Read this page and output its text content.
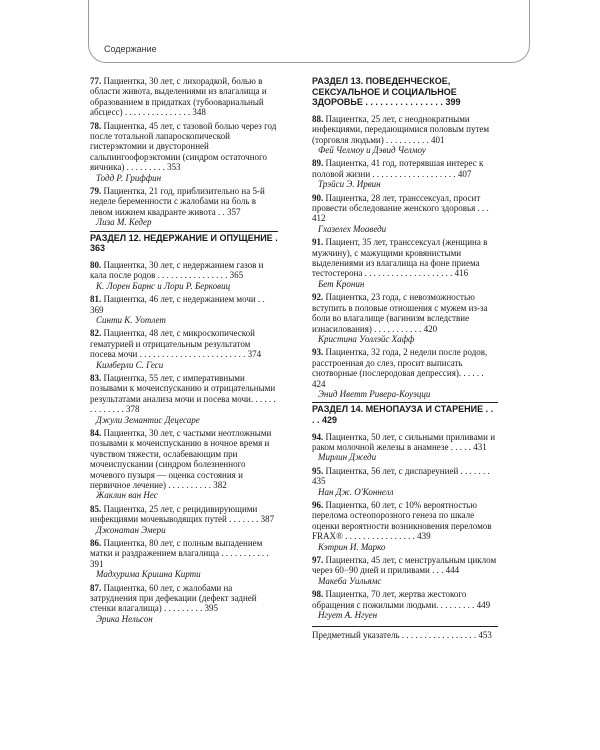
Содержание
77. Пациентка, 30 лет, с лихорадкой, болью в области живота, выделениями из влагалища и образованием в придатках (тубоовариальный абсцесс) . . . . . . . . . . . . . . . 348
78. Пациентка, 45 лет, с тазовой болью через год после тотальной лапароскопической гистерэктомии и двусторонней сальпингоофорэктомии (синдром остаточного яичника) . . . . . . . . . 353
Тодд Р. Гриффин
79. Пациентка, 21 год, приблизительно на 5-й неделе беременности с жалобами на боль в левом нижнем квадранте живота . . 357
Лиза М. Кедер
РАЗДЕЛ 12. НЕДЕРЖАНИЕ И ОПУЩЕНИЕ . 363
80. Пациентка, 30 лет, с недержанием газов и кала после родов . . . . . . . . . . . . . . . . 365
К. Лорен Барнс и Лори Р. Берковиц
81. Пациентка, 46 лет, с недержанием мочи . . 369
Синти К. Уотлет
82. Пациентка, 48 лет, с микроскопической гематурией и отрицательным результатом посева мочи . . . . . . . . . . . . . . . . . . . . . . . . 374
Кимберли С. Геси
83. Пациентка, 55 лет, с императивными позывами к мочеиспусканию и отрицательными результатами анализа мочи и посева мочи. . . . . . . . . . . . . . 378
Джули Земантис Децесаре
84. Пациентка, 30 лет, с частыми неотложными позывами к мочеиспусканию в ночное время и чувством тяжести, ослабевающим при мочеиспускании (синдром болезненного мочевого пузыря — оценка состояния и первичное лечение) . . . . . . . . . . 382
Жаклин ван Нес
85. Пациентка, 25 лет, с рецидивирующими инфекциями мочевыводящих путей . . . . . . . 387
Джонатан Эмери
86. Пациентка, 80 лет, с полным выпадением матки и раздражением влагалища . . . . . . . . . . . 391
Мадхурима Кришна Кирти
87. Пациентка, 60 лет, с жалобами на затруднения при дефекации (дефект задней стенки влагалища) . . . . . . . . . 395
Эрика Нельсон
РАЗДЕЛ 13. ПОВЕДЕНЧЕСКОЕ, СЕКСУАЛЬНОЕ И СОЦИАЛЬНОЕ ЗДОРОВЬЕ . . . . . . . . . . . . . . . . 399
88. Пациентка, 25 лет, с неоднократными инфекциями, передающимися половым путем (торговля людьми) . . . . . . . . . . 401
Фей Челмоу и Дэвид Челмоу
89. Пациентка, 41 год, потерявшая интерес к половой жизни . . . . . . . . . . . . . . . . . . . 407
Трэйси Э. Ирвин
90. Пациентка, 28 лет, транссексуал, просит провести обследование женского здоровья . . . 412
Гхазелех Моаведи
91. Пациент, 35 лет, транссексуал (женщина в мужчину), с мажущими кровянистыми выделениями из влагалища на фоне приема тестостерона . . . . . . . . . . . . . . . . . . . . 416
Бет Кронин
92. Пациентка, 23 года, с невозможностью вступить в половые отношения с мужем из-за боли во влагалище (вагинизм вследствие изнасилования) . . . . . . . . . . . 420
Кристина Уоллэйс Хафф
93. Пациентка, 32 года, 2 недели после родов, расстроенная до слез, просит выписать снотворные (послеродовая депрессия). . . . . . 424
Энид Иветт Ривера-Коуэцци
РАЗДЕЛ 14. МЕНОПАУЗА И СТАРЕНИЕ . . . . 429
94. Пациентка, 50 лет, с сильными приливами и раком молочной железы в анамнезе . . . . . 431
Мирлин Джеди
95. Пациентка, 56 лет, с диспареунией . . . . . . . 435
Нан Дж. О'Коннелл
96. Пациентка, 60 лет, с 10% вероятностью перелома остеопорозного генеза по шкале оценки вероятности возникновения переломов FRAX® . . . . . . . . . . . . . . . . 439
Кэтрин И. Марко
97. Пациентка, 45 лет, с менструальным циклом через 60−90 дней и приливами . . . 444
Макеба Уильямс
98. Пациентка, 70 лет, жертва жестокого обращения с пожилыми людьми. . . . . . . . . 449
Нгует А. Нгуен
Предметный указатель . . . . . . . . . . . . . . . . . 453
